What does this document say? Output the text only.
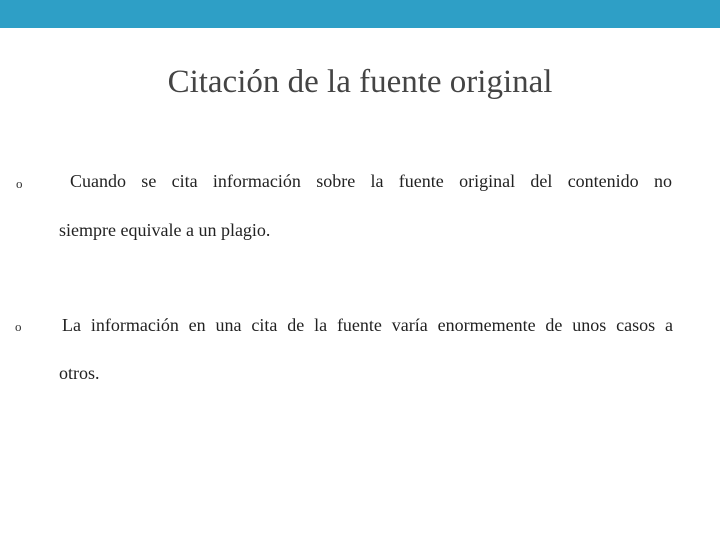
Citación de la fuente original
o	Cuando se cita información sobre la fuente original del contenido no
siempre equivale a un plagio.
o La información en una cita de la fuente varía enormemente de unos casos a
otros.
